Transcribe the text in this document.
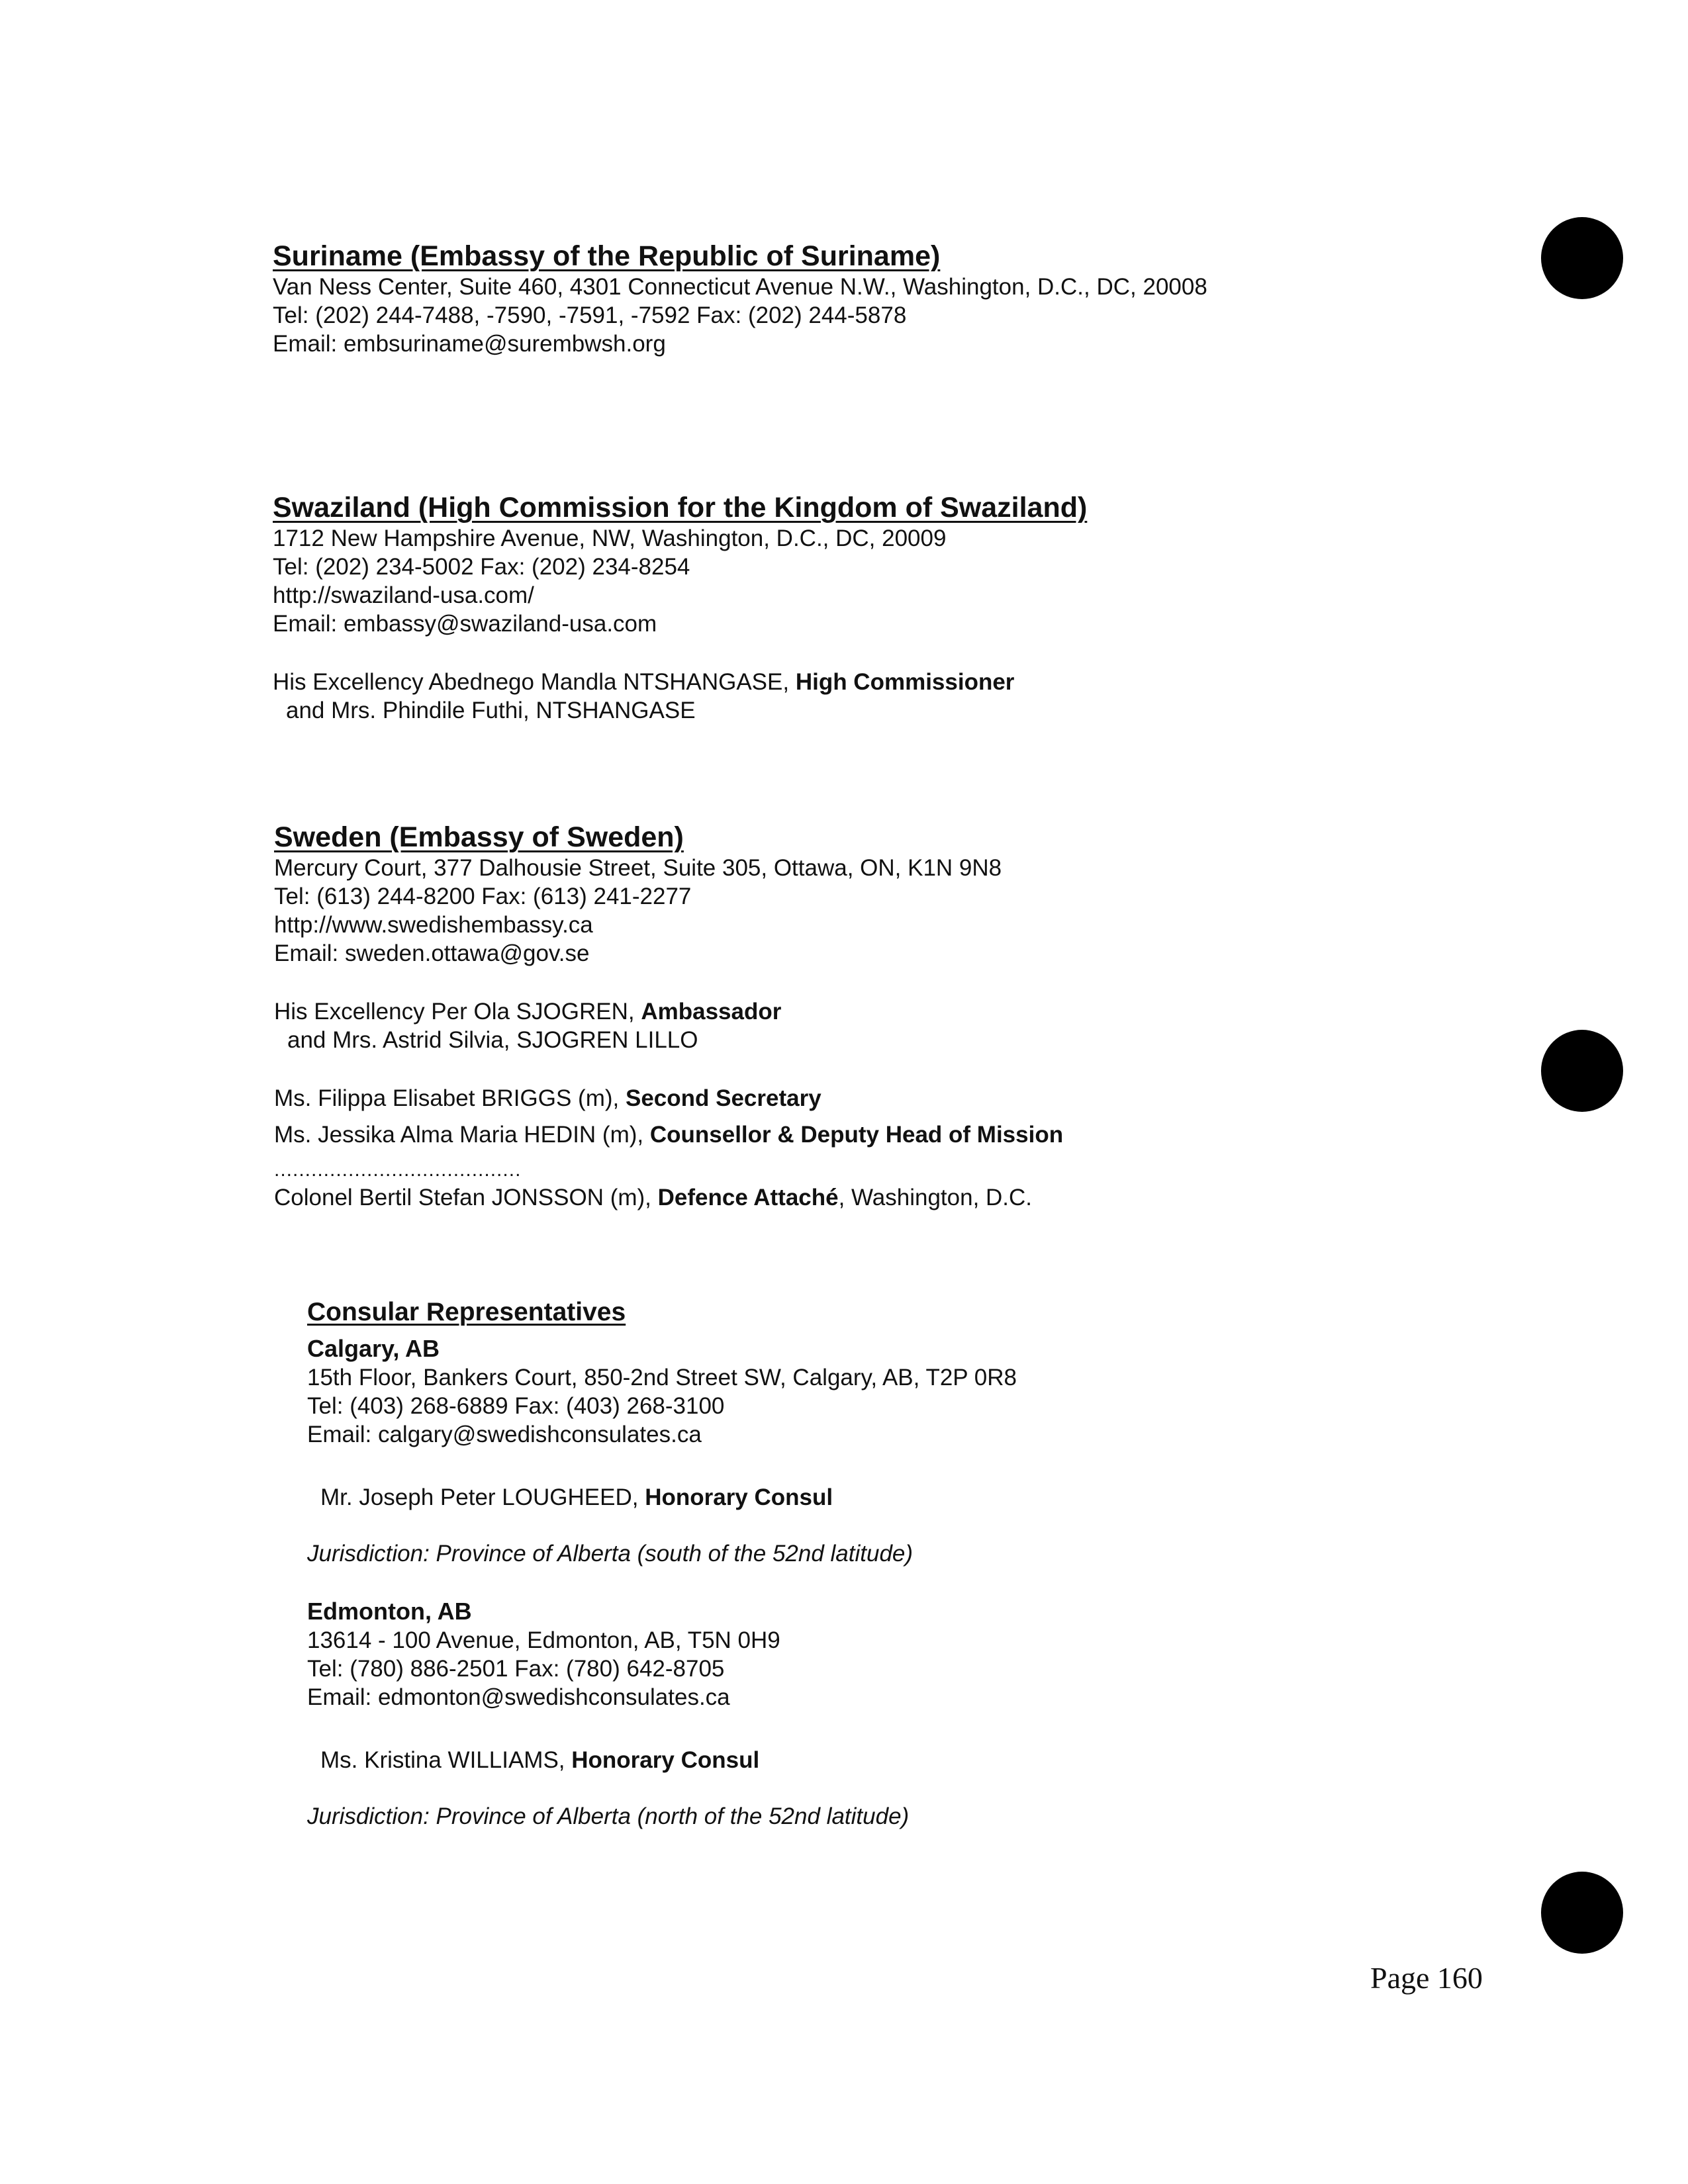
Suriname (Embassy of the Republic of Suriname)
Van Ness Center, Suite 460, 4301 Connecticut Avenue N.W., Washington, D.C., DC, 20008
Tel: (202) 244-7488, -7590, -7591, -7592 Fax: (202) 244-5878
Email: embsuriname@surembwsh.org
Swaziland (High Commission for the Kingdom of Swaziland)
1712 New Hampshire Avenue, NW, Washington, D.C., DC, 20009
Tel: (202) 234-5002 Fax: (202) 234-8254
http://swaziland-usa.com/
Email: embassy@swaziland-usa.com
His Excellency Abednego Mandla NTSHANGASE, High Commissioner
and Mrs. Phindile Futhi, NTSHANGASE
Sweden (Embassy of Sweden)
Mercury Court, 377 Dalhousie Street, Suite 305, Ottawa, ON, K1N 9N8
Tel: (613) 244-8200 Fax: (613) 241-2277
http://www.swedishembassy.ca
Email: sweden.ottawa@gov.se
His Excellency Per Ola SJOGREN, Ambassador
and Mrs. Astrid Silvia, SJOGREN LILLO
Ms. Filippa Elisabet BRIGGS (m), Second Secretary
Ms. Jessika Alma Maria HEDIN (m), Counsellor & Deputy Head of Mission
........................................
Colonel Bertil Stefan JONSSON (m), Defence Attaché, Washington, D.C.
Consular Representatives
Calgary, AB
15th Floor, Bankers Court, 850-2nd Street SW, Calgary, AB, T2P 0R8
Tel: (403) 268-6889 Fax: (403) 268-3100
Email: calgary@swedishconsulates.ca
Mr. Joseph Peter LOUGHEED, Honorary Consul
Jurisdiction: Province of Alberta (south of the 52nd latitude)
Edmonton, AB
13614 - 100 Avenue, Edmonton, AB, T5N 0H9
Tel: (780) 886-2501 Fax: (780) 642-8705
Email: edmonton@swedishconsulates.ca
Ms. Kristina WILLIAMS, Honorary Consul
Jurisdiction: Province of Alberta (north of the 52nd latitude)
Page 160
